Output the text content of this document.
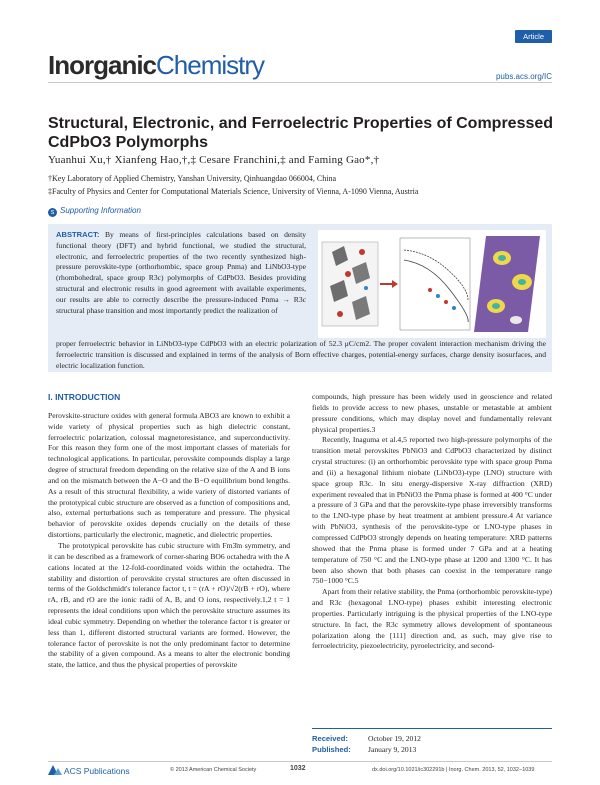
Article
InorganicChemistry	pubs.acs.org/IC
Structural, Electronic, and Ferroelectric Properties of Compressed CdPbO3 Polymorphs
Yuanhui Xu,† Xianfeng Hao,†,‡ Cesare Franchini,‡ and Faming Gao*,†
†Key Laboratory of Applied Chemistry, Yanshan University, Qinhuangdao 066004, China
‡Faculty of Physics and Center for Computational Materials Science, University of Vienna, A-1090 Vienna, Austria
s Supporting Information
ABSTRACT: By means of first-principles calculations based on density functional theory (DFT) and hybrid functional, we studied the structural, electronic, and ferroelectric properties of the two recently synthesized high-pressure perovskite-type (orthorhombic, space group Pnma) and LiNbO3-type (rhombohedral, space group R3c) polymorphs of CdPbO3. Besides providing structural and electronic results in good agreement with available experiments, our results are able to correctly describe the pressure-induced Pnma → R3c structural phase transition and most importantly predict the realization of
proper ferroelectric behavior in LiNbO3-type CdPbO3 with an electric polarization of 52.3 μC/cm2. The proper covalent interaction mechanism driving the ferroelectric transition is discussed and explained in terms of the analysis of Born effective charges, potential-energy surfaces, charge density isosurfaces, and electric localization function.
I. INTRODUCTION

Perovskite-structure oxides with general formula ABO3 are known to exhibit a wide variety of physical properties such as high dielectric constant, ferroelectric polarization, colossal magnetoresistance, and superconductivity. For this reason they form one of the most important classes of materials for technological applications. In particular, perovskite compounds display a large degree of structural freedom depending on the relative size of the A and B ions and on the mismatch between the A−O and the B−O equilibrium bond lengths. As a result of this structural flexibility, a wide variety of distorted variants of the prototypical cubic structure are observed as a function of compositions and, also, external perturbations such as temperature and pressure. The physical behavior of perovskite oxides depends crucially on the details of these distortions, particularly the electronic, magnetic, and dielectric properties.

The prototypical perovskite has cubic structure with Fm3̄m symmetry, and it can be described as a framework of corner-sharing BO6 octahedra with the A cations located at the 12-fold-coordinated voids within the octahedra. The stability and distortion of perovskite crystal structures are often discussed in terms of the Goldschmidt's tolerance factor t, t = (rA + rO)/√2(rB + rO), where rA, rB, and rO are the ionic radii of A, B, and O ions, respectively.1,2 t = 1 represents the ideal conditions upon which the perovskite structure assumes its ideal cubic symmetry. Depending on whether the tolerance factor t is greater or less than 1, different distorted structural variants are formed. However, the tolerance factor of perovskite is not the only predominant factor to determine the stability of a given compound. As a means to alter the electronic bonding state, the lattice, and thus the physical properties of perovskite

compounds, high pressure has been widely used in geoscience and related fields to provide access to new phases, unstable or metastable at ambient pressure conditions, which may display novel and fundamentally relevant physical properties.3

Recently, Inaguma et al.4,5 reported two high-pressure polymorphs of the transition metal perovskites PbNiO3 and CdPbO3 characterized by distinct crystal structures: (i) an orthorhombic perovskite type with space group Pnma and (ii) a hexagonal lithium niobate (LiNbO3)-type (LNO) structure with space group R3c. In situ energy-dispersive X-ray diffraction (XRD) experiment revealed that in PbNiO3 the Pnma phase is formed at 400 °C under a pressure of 3 GPa and that the perovskite-type phase irreversibly transforms to the LNO-type phase by heat treatment at ambient pressure.4 At variance with PbNiO3, synthesis of the perovskite-type or LNO-type phases in compressed CdPbO3 strongly depends on heating temperature: XRD patterns showed that the Pnma phase is formed under 7 GPa and at a heating temperature of 750 °C and the LNO-type phase at 1200 and 1300 °C. It has been also shown that both phases can coexist in the temperature range 750−1000 °C.5

Apart from their relative stability, the Pnma (orthorhombic perovskite-type) and R3c (hexagonal LNO-type) phases exhibit interesting electronic properties. Particularly intriguing is the physical properties of the LNO-type structure. In fact, the R3c symmetry allows development of spontaneous polarization along the [111] direction and, as such, may give rise to ferroelectricity, piezoelectricity, pyroelectricity, and second-

Received:	October 19, 2012
Published: January 9, 2013
ACS Publications	© 2013 American Chemical Society	1032	dx.doi.org/10.1021/ic302291b | Inorg. Chem. 2013, 52, 1032−1039
